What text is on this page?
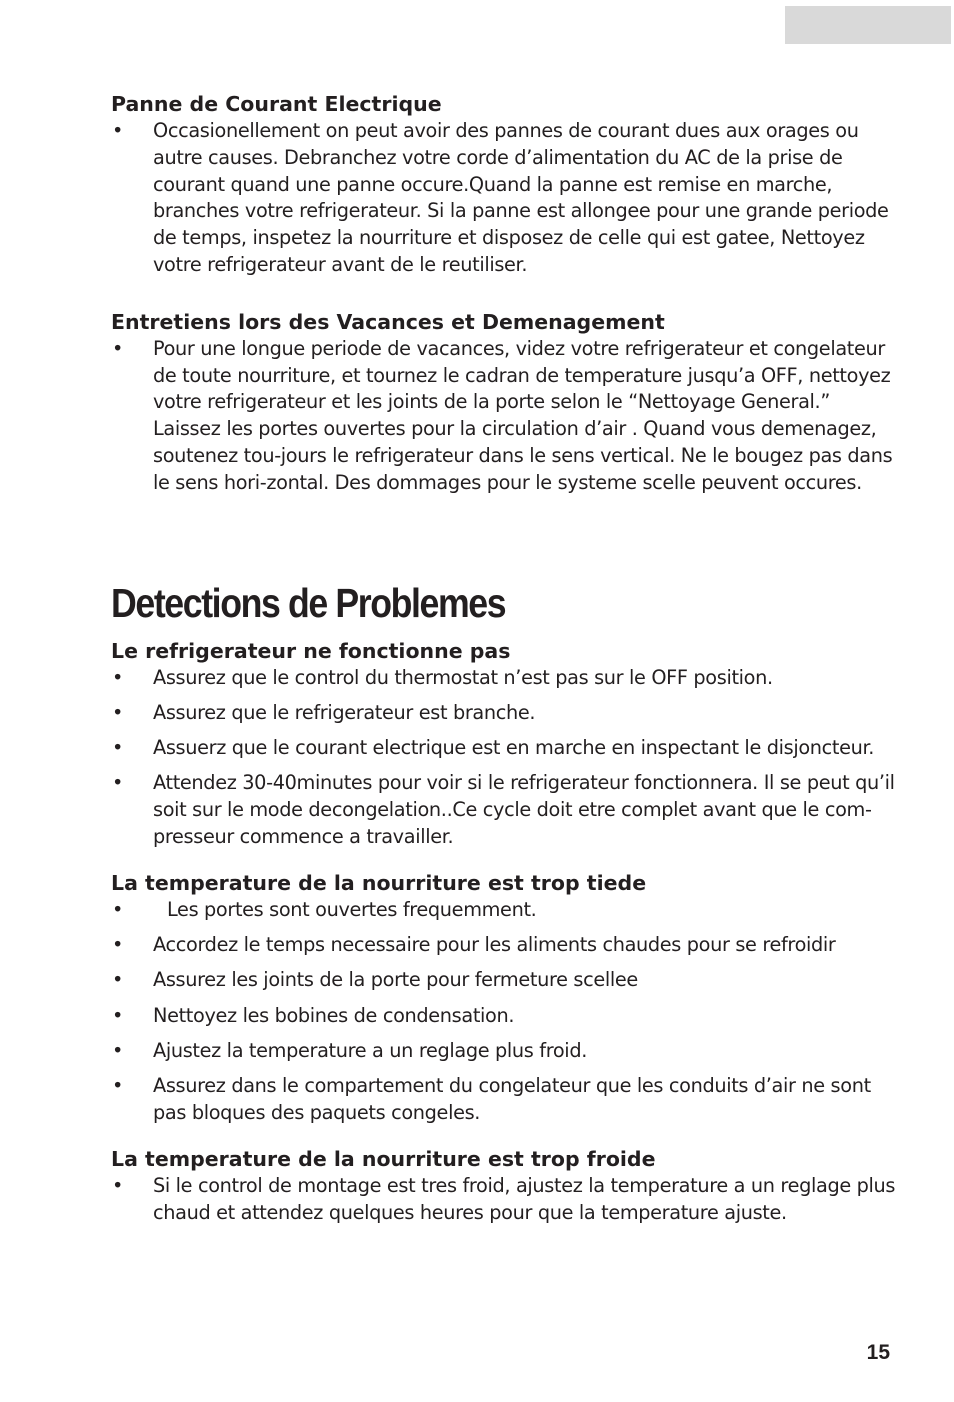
Panne de Courant Electrique
• Occasionellement on peut avoir des pannes de courant dues aux orages ou autre causes. Debranchez votre corde d’alimentation du AC de la prise de courant quand une panne occure.Quand la panne est remise en marche, branches votre refrigerateur. Si la panne est allongee pour une grande periode de temps, inspetez la nourriture et disposez de celle qui est gatee, Nettoyez votre refrigerateur avant de le reutiliser.
Entretiens lors des Vacances et Demenagement
• Pour une longue periode de vacances, videz votre refrigerateur et congelateur de toute nourriture, et tournez le cadran de temperature jusqu’a OFF, nettoyez votre refrigerateur et les joints de la porte selon le “Nettoyage General.” Laissez les portes ouvertes pour la circulation d’air . Quand vous demenagez, soutenez tou-jours le refrigerateur dans le sens vertical. Ne le bougez pas dans le sens hori-zontal. Des dommages pour le systeme scelle peuvent occures.
Detections de Problemes
Le refrigerateur ne fonctionne pas
• Assurez que le control du thermostat n’est pas sur le OFF position.
• Assurez que le refrigerateur est branche.
• Assuerz que le courant electrique est en marche en inspectant le disjoncteur.
• Attendez 30-40minutes pour voir si le refrigerateur fonctionnera. Il se peut qu’il soit sur le mode decongelation..Ce cycle doit etre complet avant que le com-presseur commence a travailler.
La temperature de la nourriture est trop tiede
• Les portes sont ouvertes frequemment.
• Accordez le temps necessaire pour les aliments chaudes pour se refroidir
• Assurez les joints de la porte pour fermeture scellee
• Nettoyez les bobines de condensation.
• Ajustez la temperature a un reglage plus froid.
• Assurez dans le compartement du congelateur que les conduits d’air ne sont pas bloques des paquets congeles.
La temperature de la nourriture est trop froide
• Si le control de montage est tres froid, ajustez la temperature a un reglage plus chaud et attendez quelques heures pour que la temperature ajuste.
15
